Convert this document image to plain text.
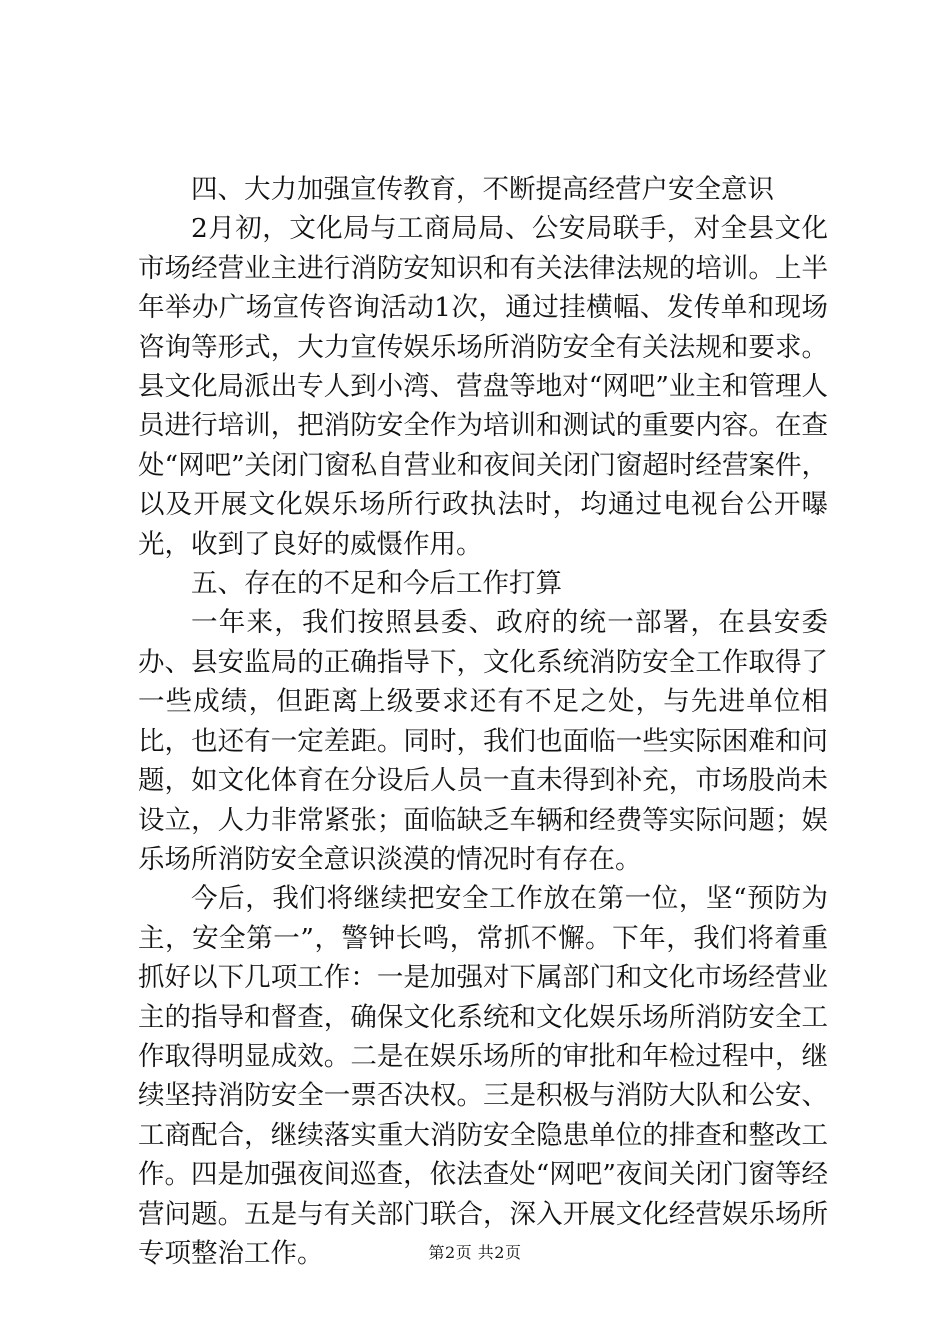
四、大力加强宣传教育，不断提高经营户安全意识

2月初，文化局与工商局局、公安局联手，对全县文化市场经营业主进行消防安知识和有关法律法规的培训。上半年举办广场宣传咨询活动1次，通过挂横幅、发传单和现场咨询等形式，大力宣传娱乐场所消防安全有关法规和要求。县文化局派出专人到小湾、营盘等地对“网吧”业主和管理人员进行培训，把消防安全作为培训和测试的重要内容。在查处“网吧”关闭门窗私自营业和夜间关闭门窗超时经营案件，以及开展文化娱乐场所行政执法时，均通过电视台公开曝光，收到了良好的威慑作用。

五、存在的不足和今后工作打算

一年来，我们按照县委、政府的统一部署，在县安委办、县安监局的正确指导下，文化系统消防安全工作取得了一些成绩，但距离上级要求还有不足之处，与先进单位相比，也还有一定差距。同时，我们也面临一些实际困难和问题，如文化体育在分设后人员一直未得到补充，市场股尚未设立，人力非常紧张；面临缺乏车辆和经费等实际问题；娱乐场所消防安全意识淡漠的情况时有存在。

今后，我们将继续把安全工作放在第一位，坚“预防为主，安全第一”，警钟长鸣，常抓不懈。下年，我们将着重抓好以下几项工作：一是加强对下属部门和文化市场经营业主的指导和督查，确保文化系统和文化娱乐场所消防安全工作取得明显成效。二是在娱乐场所的审批和年检过程中，继续坚持消防安全一票否决权。三是积极与消防大队和公安、工商配合，继续落实重大消防安全隐患单位的排查和整改工作。四是加强夜间巡查，依法查处“网吧”夜间关闭门窗等经营问题。五是与有关部门联合，深入开展文化经营娱乐场所专项整治工作。	第2页 共2页
